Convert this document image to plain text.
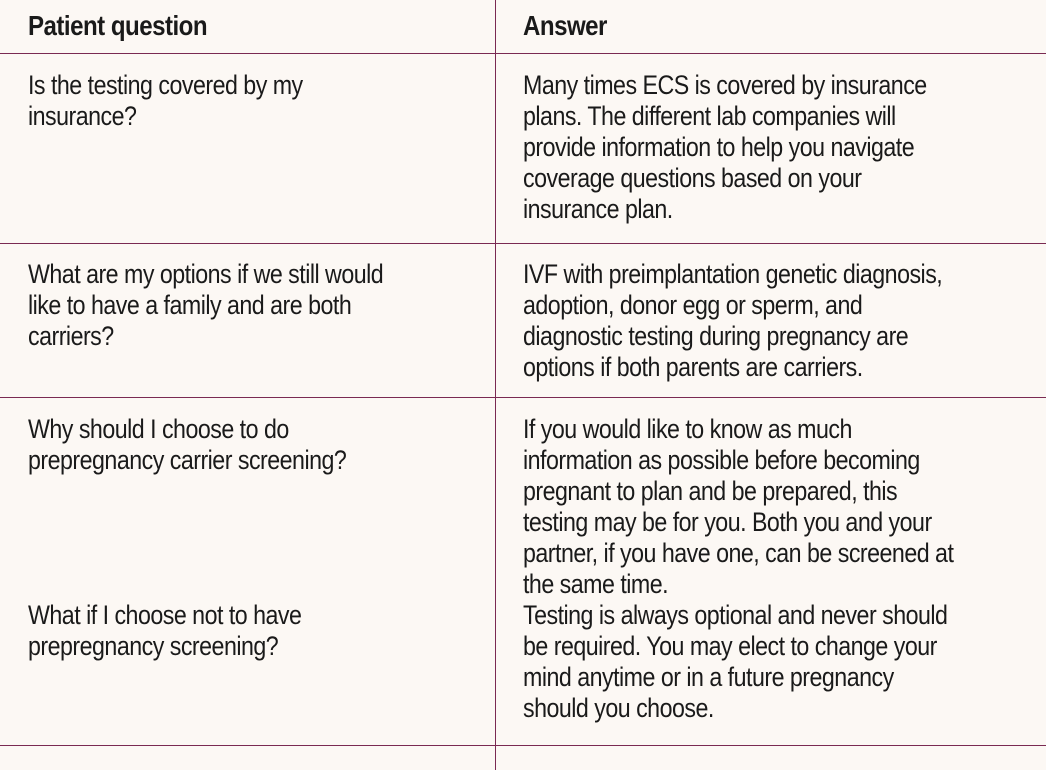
Patient question	Answer
Is the testing covered by my
insurance?
Many times ECS is covered by insurance
plans. The different lab companies will
provide information to help you navigate
coverage questions based on your
insurance plan.
What are my options if we still would
like to have a family and are both
carriers?
IVF with preimplantation genetic diagnosis,
adoption, donor egg or sperm, and
diagnostic testing during pregnancy are
options if both parents are carriers.
Why should I choose to do
prepregnancy carrier screening?
If you would like to know as much
information as possible before becoming
pregnant to plan and be prepared, this
testing may be for you. Both you and your
partner, if you have one, can be screened at
the same time.
What if I choose not to have
prepregnancy screening?
Testing is always optional and never should
be required. You may elect to change your
mind anytime or in a future pregnancy
should you choose.
